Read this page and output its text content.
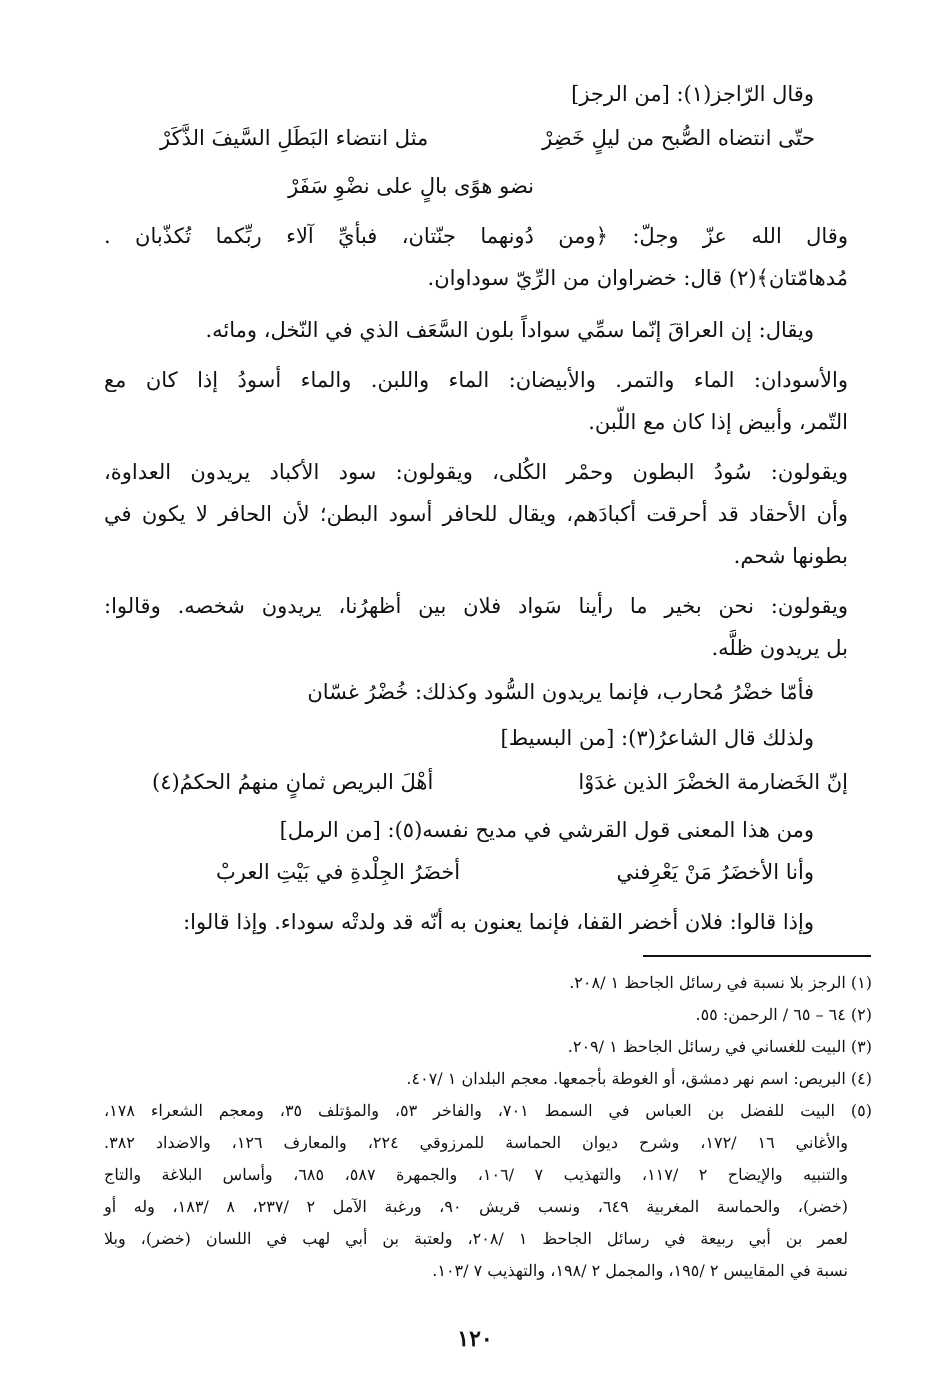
وقال الرّاجز(١): [من الرجز]
حتّى انتضاه الصُّبح من ليلٍ خَضِرْ
مثل انتضاء البَطَلِ السَّيفَ الذَّكَرْ
نضو هوًى بالٍ على نضْوِ سَفَرْ
وقال الله عزّ وجلّ: ﴿ومن دُونهما جنّتان، فبأيِّ آلاء ربِّكما تُكذّبان .
مُدهامّتان﴾(٢) قال: خضراوان من الرِّيّ سوداوان.
ويقال: إن العراقَ إنّما سمِّي سواداً بلون السَّعَف الذي في النّخل، ومائه.
والأسودان: الماء والتمر. والأبيضان: الماء واللبن. والماء أسودُ إذا كان مع
التّمر، وأبيض إذا كان مع اللّبن.
ويقولون: سُودُ البطون وحمْر الكُلى، ويقولون: سود الأكباد يريدون العداوة،
وأن الأحقاد قد أحرقت أكبادَهم، ويقال للحافر أسود البطن؛ لأن الحافر لا يكون في
بطونها شحم.
ويقولون: نحن بخير ما رأينا سَواد فلان بين أظهرُنا، يريدون شخصه. وقالوا:
بل يريدون ظلَّه.
فأمّا خضْرُ مُحارب، فإنما يريدون السُّود وكذلك: خُضْرُ غسّان
ولذلك قال الشاعرُ(٣): [من البسيط]
إنّ الخَضارمة الخضْرَ الذين غدَوْا
أهْلَ البريص ثمانٍ منهمُ الحكمُ(٤)
ومن هذا المعنى قول القرشي في مديح نفسه(٥): [من الرمل]
وأنا الأخضَرُ مَنْ يَعْرِفني
أخضَرُ الجِلْدةِ في بَيْتِ العربْ
وإذا قالوا: فلان أخضر القفا، فإنما يعنون به أنّه قد ولدتْه سوداء. وإذا قالوا:
(١) الرجز بلا نسبة في رسائل الجاحظ ١ /٢٠٨.
(٢) ٦٤ – ٦٥ / الرحمن: ٥٥.
(٣) البيت للغساني في رسائل الجاحظ ١ /٢٠٩.
(٤) البريص: اسم نهر دمشق، أو الغوطة بأجمعها. معجم البلدان ١ /٤٠٧.
(٥) البيت للفضل بن العباس في السمط ٧٠١، والفاخر ٥٣، والمؤتلف ٣٥، ومعجم الشعراء ١٧٨،
والأغاني ١٦ /١٧٢، وشرح ديوان الحماسة للمرزوقي ٢٢٤، والمعارف ١٢٦، والاضداد ٣٨٢.
والتنبيه والإيضاح ٢ /١١٧، والتهذيب ٧ /١٠٦، والجمهرة ٥٨٧، ٦٨٥، وأساس البلاغة والتاج
(خضر)، والحماسة المغربية ٦٤٩، ونسب قريش ٩٠، ورغبة الآمل ٢ /٢٣٧، ٨ /١٨٣، وله أو
لعمر بن أبي ربيعة في رسائل الجاحظ ١ /٢٠٨، ولعتبة بن أبي لهب في اللسان (خضر)، وبلا
نسبة في المقاييس ٢ /١٩٥، والمجمل ٢ /١٩٨، والتهذيب ٧ /١٠٣.
١٢٠
